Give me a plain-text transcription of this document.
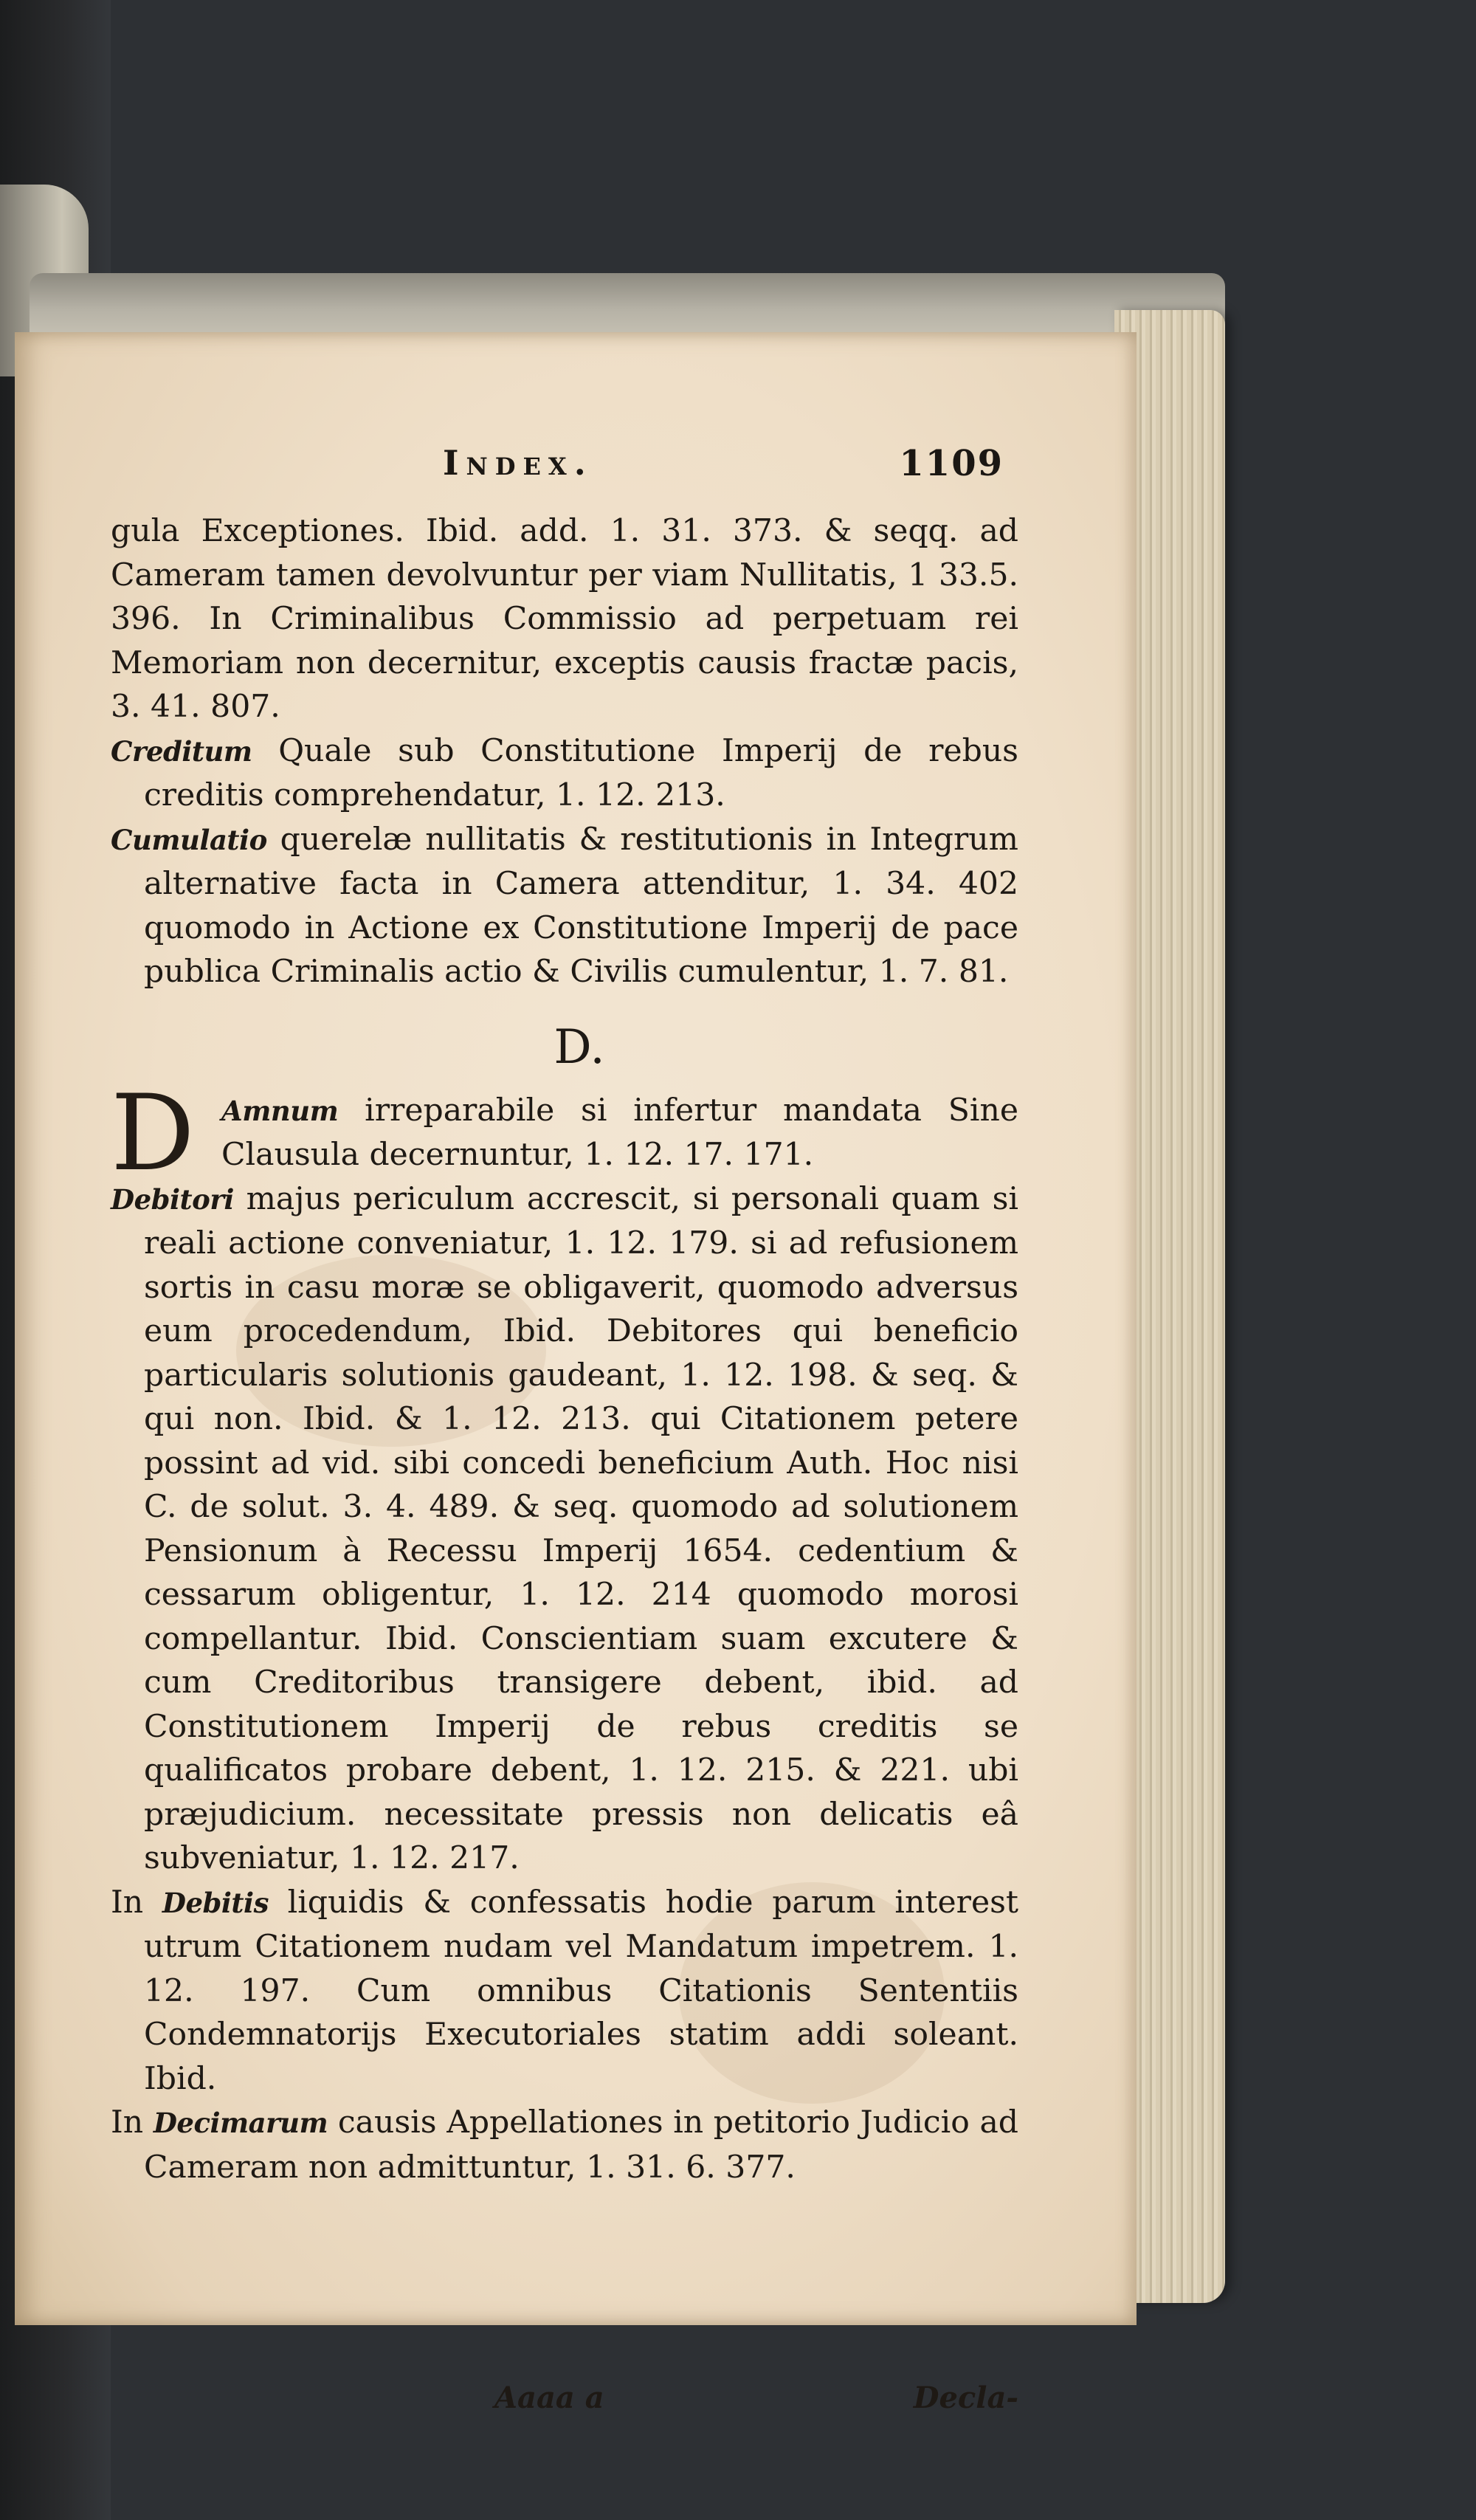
Index.	1109

gula Exceptiones. Ibid. add. 1. 31. 373. & seqq. ad Cameram tamen devolvuntur per viam Nullitatis, 1 33.5. 396. In Criminalibus Commissio ad perpetuam rei Memoriam non decernitur, exceptis causis fractæ pacis, 3. 41. 807.

Creditum Quale sub Constitutione Imperij de rebus creditis comprehendatur, 1. 12. 213.

Cumulatio querelæ nullitatis & restitutionis in Integrum alternative facta in Camera attenditur, 1. 34. 402 quomodo in Actione ex Constitutione Imperij de pace publica Criminalis actio & Civilis cumulentur, 1. 7. 81.

D.

D Amnum irreparabile si infertur mandata Sine Clausula decernuntur, 1. 12. 17. 171.

Debitori majus periculum accrescit, si personali quam si reali actione conveniatur, 1. 12. 179. si ad refusionem sortis in casu moræ se obligaverit, quomodo adversus eum procedendum, Ibid. Debitores qui beneficio particularis solutionis gaudeant, 1. 12. 198. & seq. & qui non. Ibid. & 1. 12. 213. qui Citationem petere possint ad vid. sibi concedi beneficium Auth. Hoc nisi C. de solut. 3. 4. 489. & seq. quomodo ad solutionem Pensionum à Recessu Imperij 1654. cedentium & cessarum obligentur, 1. 12. 214 quomodo morosi compellantur. Ibid. Conscientiam suam excutere & cum Creditoribus transigere debent, ibid. ad Constitutionem Imperij de rebus creditis se qualificatos probare debent, 1. 12. 215. & 221. ubi præjudicium. necessitate pressis non delicatis eâ subveniatur, 1. 12. 217.

In Debitis liquidis & confessatis hodie parum interest utrum Citationem nudam vel Mandatum impetrem. 1. 12. 197. Cum omnibus Citationis Sententiis Condemnatorijs Executoriales statim addi soleant. Ibid.

In Decimarum causis Appellationes in petitorio Judicio ad Cameram non admittuntur, 1. 31. 6. 377.

Aaaa a	Decla-
